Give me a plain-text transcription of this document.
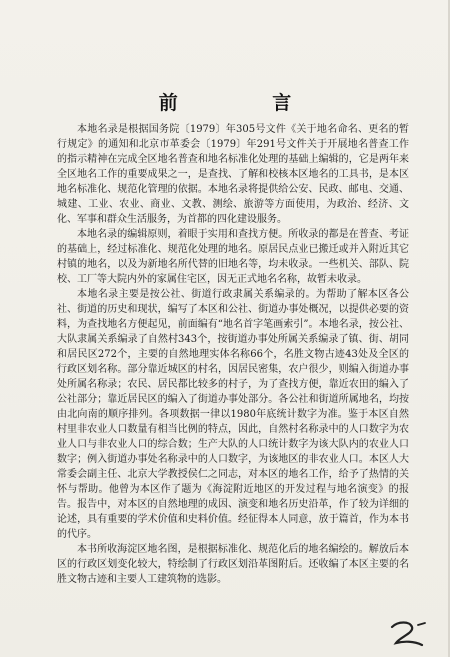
前 言

本地名录是根据国务院〔1979〕年305号文件《关于地名命名、更名的暂行规定》的通知和北京市革委会〔1979〕年291号文件关于开展地名普查工作的指示精神在完成全区地名普查和地名标准化处理的基础上编辑的，它是两年来全区地名工作的重要成果之一，是查找、了解和校核本区地名的工具书，是本区地名标准化、规范化管理的依据。本地名录将提供给公安、民政、邮电、交通、城建、工业、农业、商业、文教、测绘、旅游等方面使用，为政治、经济、文化、军事和群众生活服务，为首都的四化建设服务。

本地名录的编辑原则，着眼于实用和查找方便。所收录的都是在普查、考证的基础上，经过标准化、规范化处理的地名。原居民点业已搬迁或并入附近其它村镇的地名，以及为新地名所代替的旧地名等，均未收录。一些机关、部队、院校、工厂等大院内外的家属住宅区，因无正式地名名称，故暂未收录。

本地名录主要是按公社、街道行政隶属关系编录的。为帮助了解本区各公社、街道的历史和现状，编写了本区和公社、街道办事处概况，以提供必要的资料，为查找地名方便起见，前面编有“地名首字笔画索引”。本地名录，按公社、大队隶属关系编录了自然村343个，按街道办事处所属关系编录了镇、街、胡同和居民区272个，主要的自然地理实体名称66个，名胜文物古迹43处及全区的行政区划名称。部分靠近城区的村名，因居民密集，农户很少，则编入街道办事处所属名称录；农民、居民都比较多的村子，为了查找方便，靠近农田的编入了公社部分；靠近居民区的编入了街道办事处部分。各公社和街道所属地名，均按由北向南的顺序排列。各项数据一律以1980年底统计数字为准。鉴于本区自然村里非农业人口数量有相当比例的特点，因此，自然村名称录中的人口数字为农业人口与非农业人口的综合数；生产大队的人口统计数字为该大队内的农业人口数字；例入街道办事处名称录中的人口数字，为该地区的非农业人口。本区人大常委会副主任、北京大学教授侯仁之同志，对本区的地名工作，给予了热情的关怀与帮助。他曾为本区作了题为《海淀附近地区的开发过程与地名演变》的报告。报告中，对本区的自然地理的成因、演变和地名历史沿革，作了较为详细的论述，具有重要的学术价值和史料价值。经征得本人同意，放于篇首，作为本书的代序。

本书所收海淀区地名图，是根据标准化、规范化后的地名编绘的。解放后本区的行政区划变化较大，特绘制了行政区划沿革图附后。还收编了本区主要的名胜文物古迹和主要人工建筑物的选影。
